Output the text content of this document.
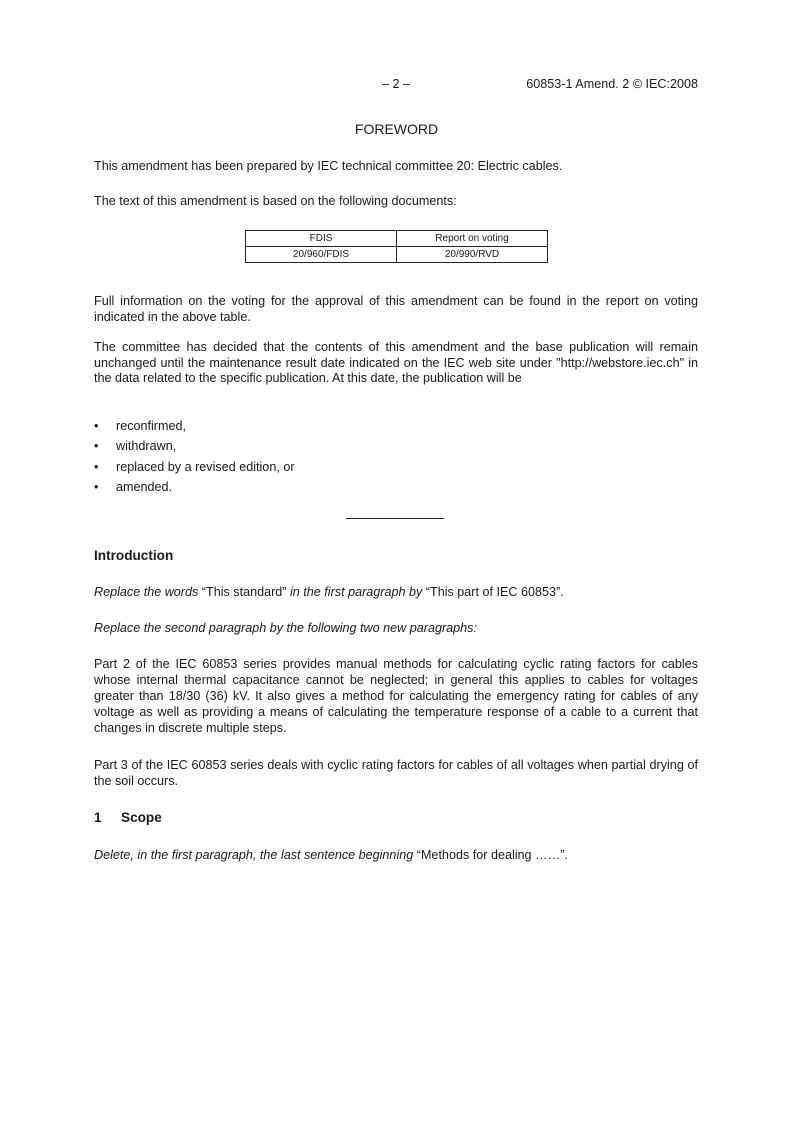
– 2 –	60853-1 Amend. 2 © IEC:2008
FOREWORD

This amendment has been prepared by IEC technical committee 20: Electric cables.

The text of this amendment is based on the following documents:

FDIS	Report on voting
20/960/FDIS	20/990/RVD

Full information on the voting for the approval of this amendment can be found in the report on voting indicated in the above table.

The committee has decided that the contents of this amendment and the base publication will remain unchanged until the maintenance result date indicated on the IEC web site under "http://webstore.iec.ch" in the data related to the specific publication. At this date, the publication will be

• reconfirmed,
• withdrawn,
• replaced by a revised edition, or
• amended.
Introduction

Replace the words “This standard” in the first paragraph by “This part of IEC 60853”.

Replace the second paragraph by the following two new paragraphs:

Part 2 of the IEC 60853 series provides manual methods for calculating cyclic rating factors for cables whose internal thermal capacitance cannot be neglected; in general this applies to cables for voltages greater than 18/30 (36) kV. It also gives a method for calculating the emergency rating for cables of any voltage as well as providing a means of calculating the temperature response of a cable to a current that changes in discrete multiple steps.

Part 3 of the IEC 60853 series deals with cyclic rating factors for cables of all voltages when partial drying of the soil occurs.

1 Scope

Delete, in the first paragraph, the last sentence beginning “Methods for dealing ……”.
